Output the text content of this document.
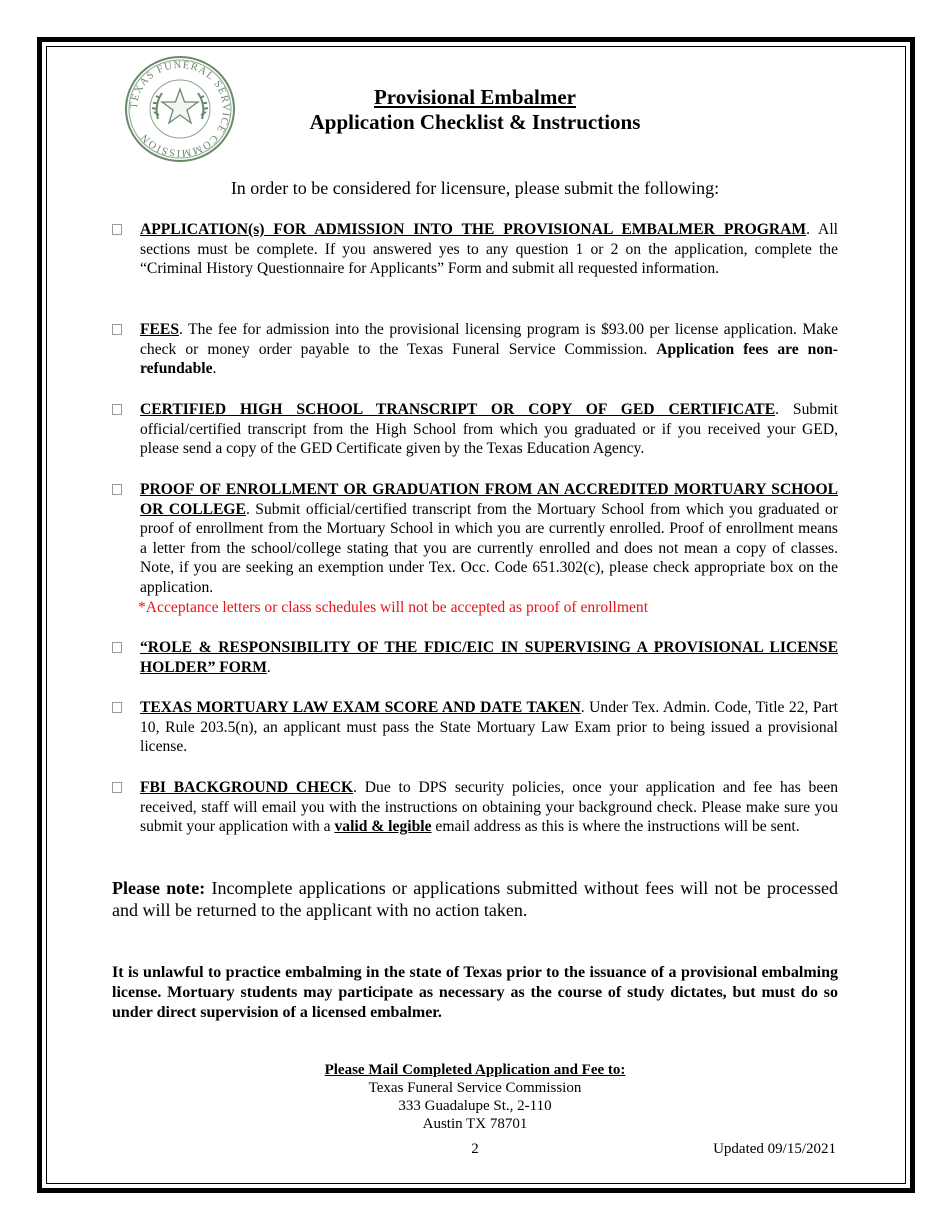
TEXAS FUNERAL SERVICE COMMISSION
Provisional Embalmer
Application Checklist & Instructions
In order to be considered for licensure, please submit the following:
APPLICATION(s) FOR ADMISSION INTO THE PROVISIONAL EMBALMER PROGRAM. All sections must be complete. If you answered yes to any question 1 or 2 on the application, complete the “Criminal History Questionnaire for Applicants” Form and submit all requested information.
FEES. The fee for admission into the provisional licensing program is $93.00 per license application. Make check or money order payable to the Texas Funeral Service Commission. Application fees are non-refundable.
CERTIFIED HIGH SCHOOL TRANSCRIPT OR COPY OF GED CERTIFICATE. Submit official/certified transcript from the High School from which you graduated or if you received your GED, please send a copy of the GED Certificate given by the Texas Education Agency.
PROOF OF ENROLLMENT OR GRADUATION FROM AN ACCREDITED MORTUARY SCHOOL OR COLLEGE. Submit official/certified transcript from the Mortuary School from which you graduated or proof of enrollment from the Mortuary School in which you are currently enrolled. Proof of enrollment means a letter from the school/college stating that you are currently enrolled and does not mean a copy of classes. Note, if you are seeking an exemption under Tex. Occ. Code 651.302(c), please check appropriate box on the application.
*Acceptance letters or class schedules will not be accepted as proof of enrollment
“ROLE & RESPONSIBILITY OF THE FDIC/EIC IN SUPERVISING A PROVISIONAL LICENSE HOLDER” FORM.
TEXAS MORTUARY LAW EXAM SCORE AND DATE TAKEN. Under Tex. Admin. Code, Title 22, Part 10, Rule 203.5(n), an applicant must pass the State Mortuary Law Exam prior to being issued a provisional license.
FBI BACKGROUND CHECK. Due to DPS security policies, once your application and fee has been received, staff will email you with the instructions on obtaining your background check. Please make sure you submit your application with a valid & legible email address as this is where the instructions will be sent.
Please note: Incomplete applications or applications submitted without fees will not be processed and will be returned to the applicant with no action taken.
It is unlawful to practice embalming in the state of Texas prior to the issuance of a provisional embalming license. Mortuary students may participate as necessary as the course of study dictates, but must do so under direct supervision of a licensed embalmer.
Please Mail Completed Application and Fee to:
Texas Funeral Service Commission
333 Guadalupe St., 2-110
Austin TX 78701
2	Updated 09/15/2021
